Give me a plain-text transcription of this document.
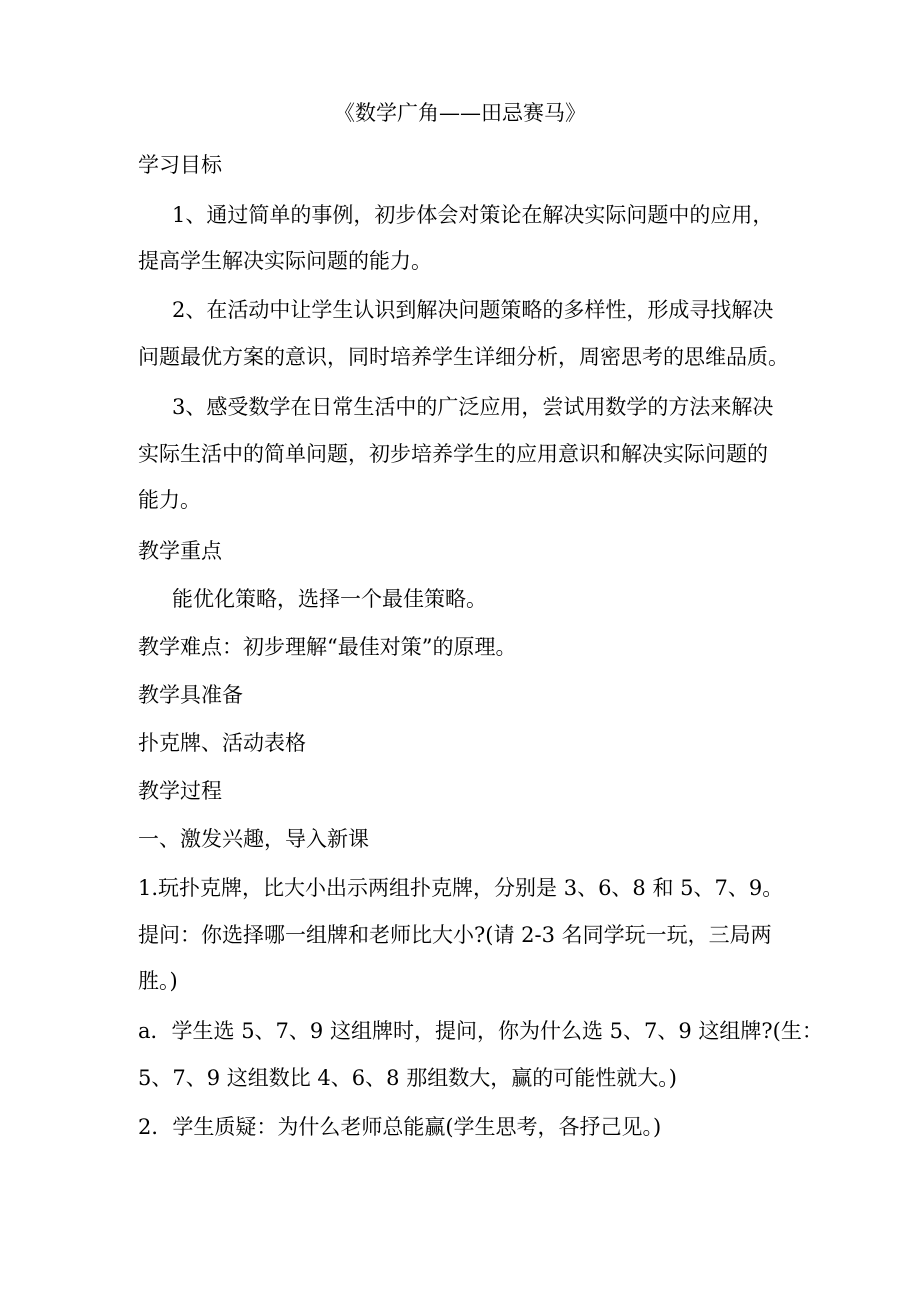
《数学广角——田忌赛马》
学习目标
1、通过简单的事例，初步体会对策论在解决实际问题中的应用，
提高学生解决实际问题的能力。
2、在活动中让学生认识到解决问题策略的多样性，形成寻找解决
问题最优方案的意识，同时培养学生详细分析，周密思考的思维品质。
3、感受数学在日常生活中的广泛应用，尝试用数学的方法来解决
实际生活中的简单问题，初步培养学生的应用意识和解决实际问题的
能力。
教学重点
能优化策略，选择一个最佳策略。
教学难点：初步理解“最佳对策”的原理。
教学具准备
扑克牌、活动表格
教学过程
一、激发兴趣，导入新课
1.玩扑克牌，比大小出示两组扑克牌，分别是 3、6、8 和 5、7、9。
提问：你选择哪一组牌和老师比大小?(请 2-3 名同学玩一玩，三局两
胜。)
a．学生选 5、7、9 这组牌时，提问，你为什么选 5、7、9 这组牌?(生：
5、7、9 这组数比 4、6、8 那组数大，赢的可能性就大。)
2．学生质疑：为什么老师总能赢(学生思考，各抒己见。)
